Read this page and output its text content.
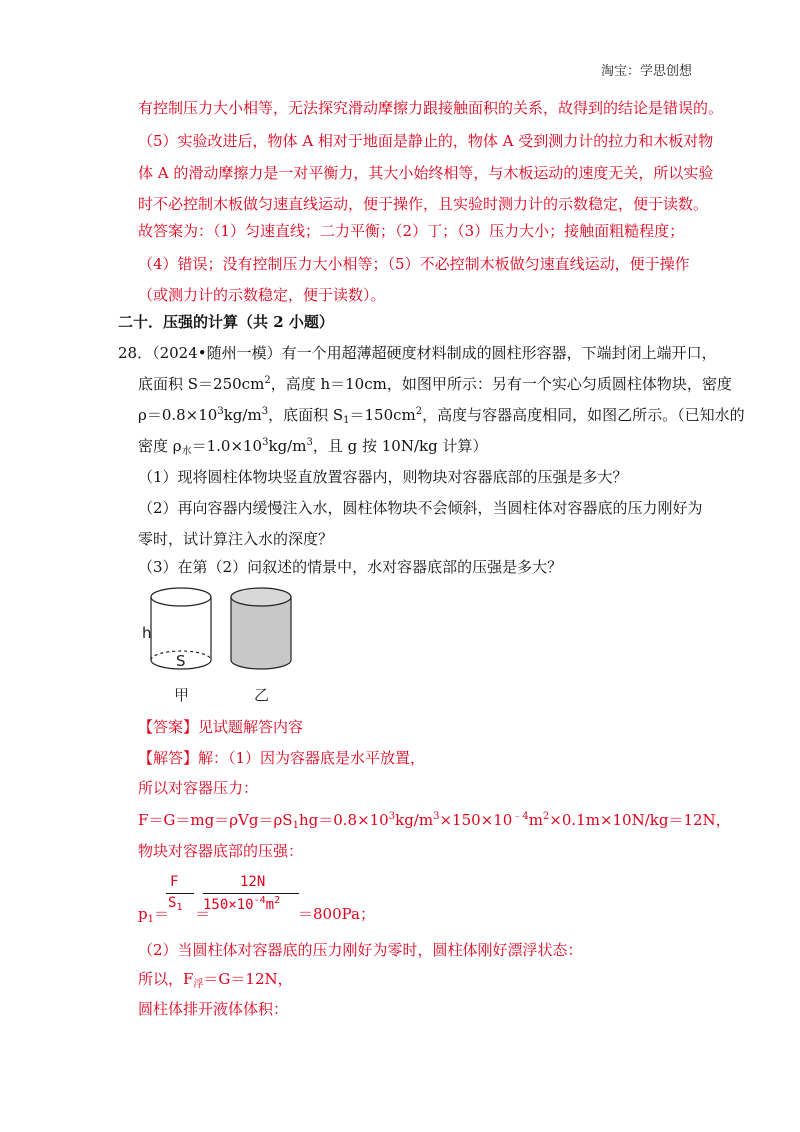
淘宝：学思创想
有控制压力大小相等，无法探究滑动摩擦力跟接触面积的关系，故得到的结论是错误的。
（5）实验改进后，物体 A 相对于地面是静止的，物体 A 受到测力计的拉力和木板对物
体 A 的滑动摩擦力是一对平衡力，其大小始终相等，与木板运动的速度无关，所以实验
时不必控制木板做匀速直线运动，便于操作，且实验时测力计的示数稳定，便于读数。
故答案为：（1）匀速直线；二力平衡；（2）丁；（3）压力大小；接触面粗糙程度；
（4）错误；没有控制压力大小相等；（5）不必控制木板做匀速直线运动，便于操作
（或测力计的示数稳定，便于读数）。
二十．压强的计算（共 2 小题）
28．（2024•随州一模）有一个用超薄超硬度材料制成的圆柱形容器，下端封闭上端开口，
底面积 $S=250cm^2$，高度 h＝10cm，如图甲所示：另有一个实心匀质圆柱体物块，密度
$\rho=0.8\times 10^3kg/m^3$，底面积 $S_1=150cm^2$，高度与容器高度相同，如图乙所示。（已知水的
密度 $\rho_水=1.0\times 10^3kg/m^3$，且 g 按 10N/kg 计算）
（1）现将圆柱体物块竖直放置容器内，则物块对容器底部的压强是多大？
（2）再向容器内缓慢注入水，圆柱体物块不会倾斜，当圆柱体对容器底的压力刚好为
零时，试计算注入水的深度？
（3）在第（2）问叙述的情景中，水对容器底部的压强是多大？
h
S
甲	乙
【答案】见试题解答内容
【解答】解：（1）因为容器底是水平放置，
所以对容器压力：
$F=G=mg=\rho Vg=\rho S_1hg=0.8\times 10^3kg/m^3\times 150\times 10^{﹣4}m^2\times 0.1m\times 10N/kg=12N$，
物块对容器底部的压强：
F
$S_1$
12N
$150\times 10^{-4}m^2$
$p_1=$ ＝	＝800Pa；
（2）当圆柱体对容器底的压力刚好为零时，圆柱体刚好漂浮状态：
所以，$F_浮=G=12N$，
圆柱体排开液体体积：
